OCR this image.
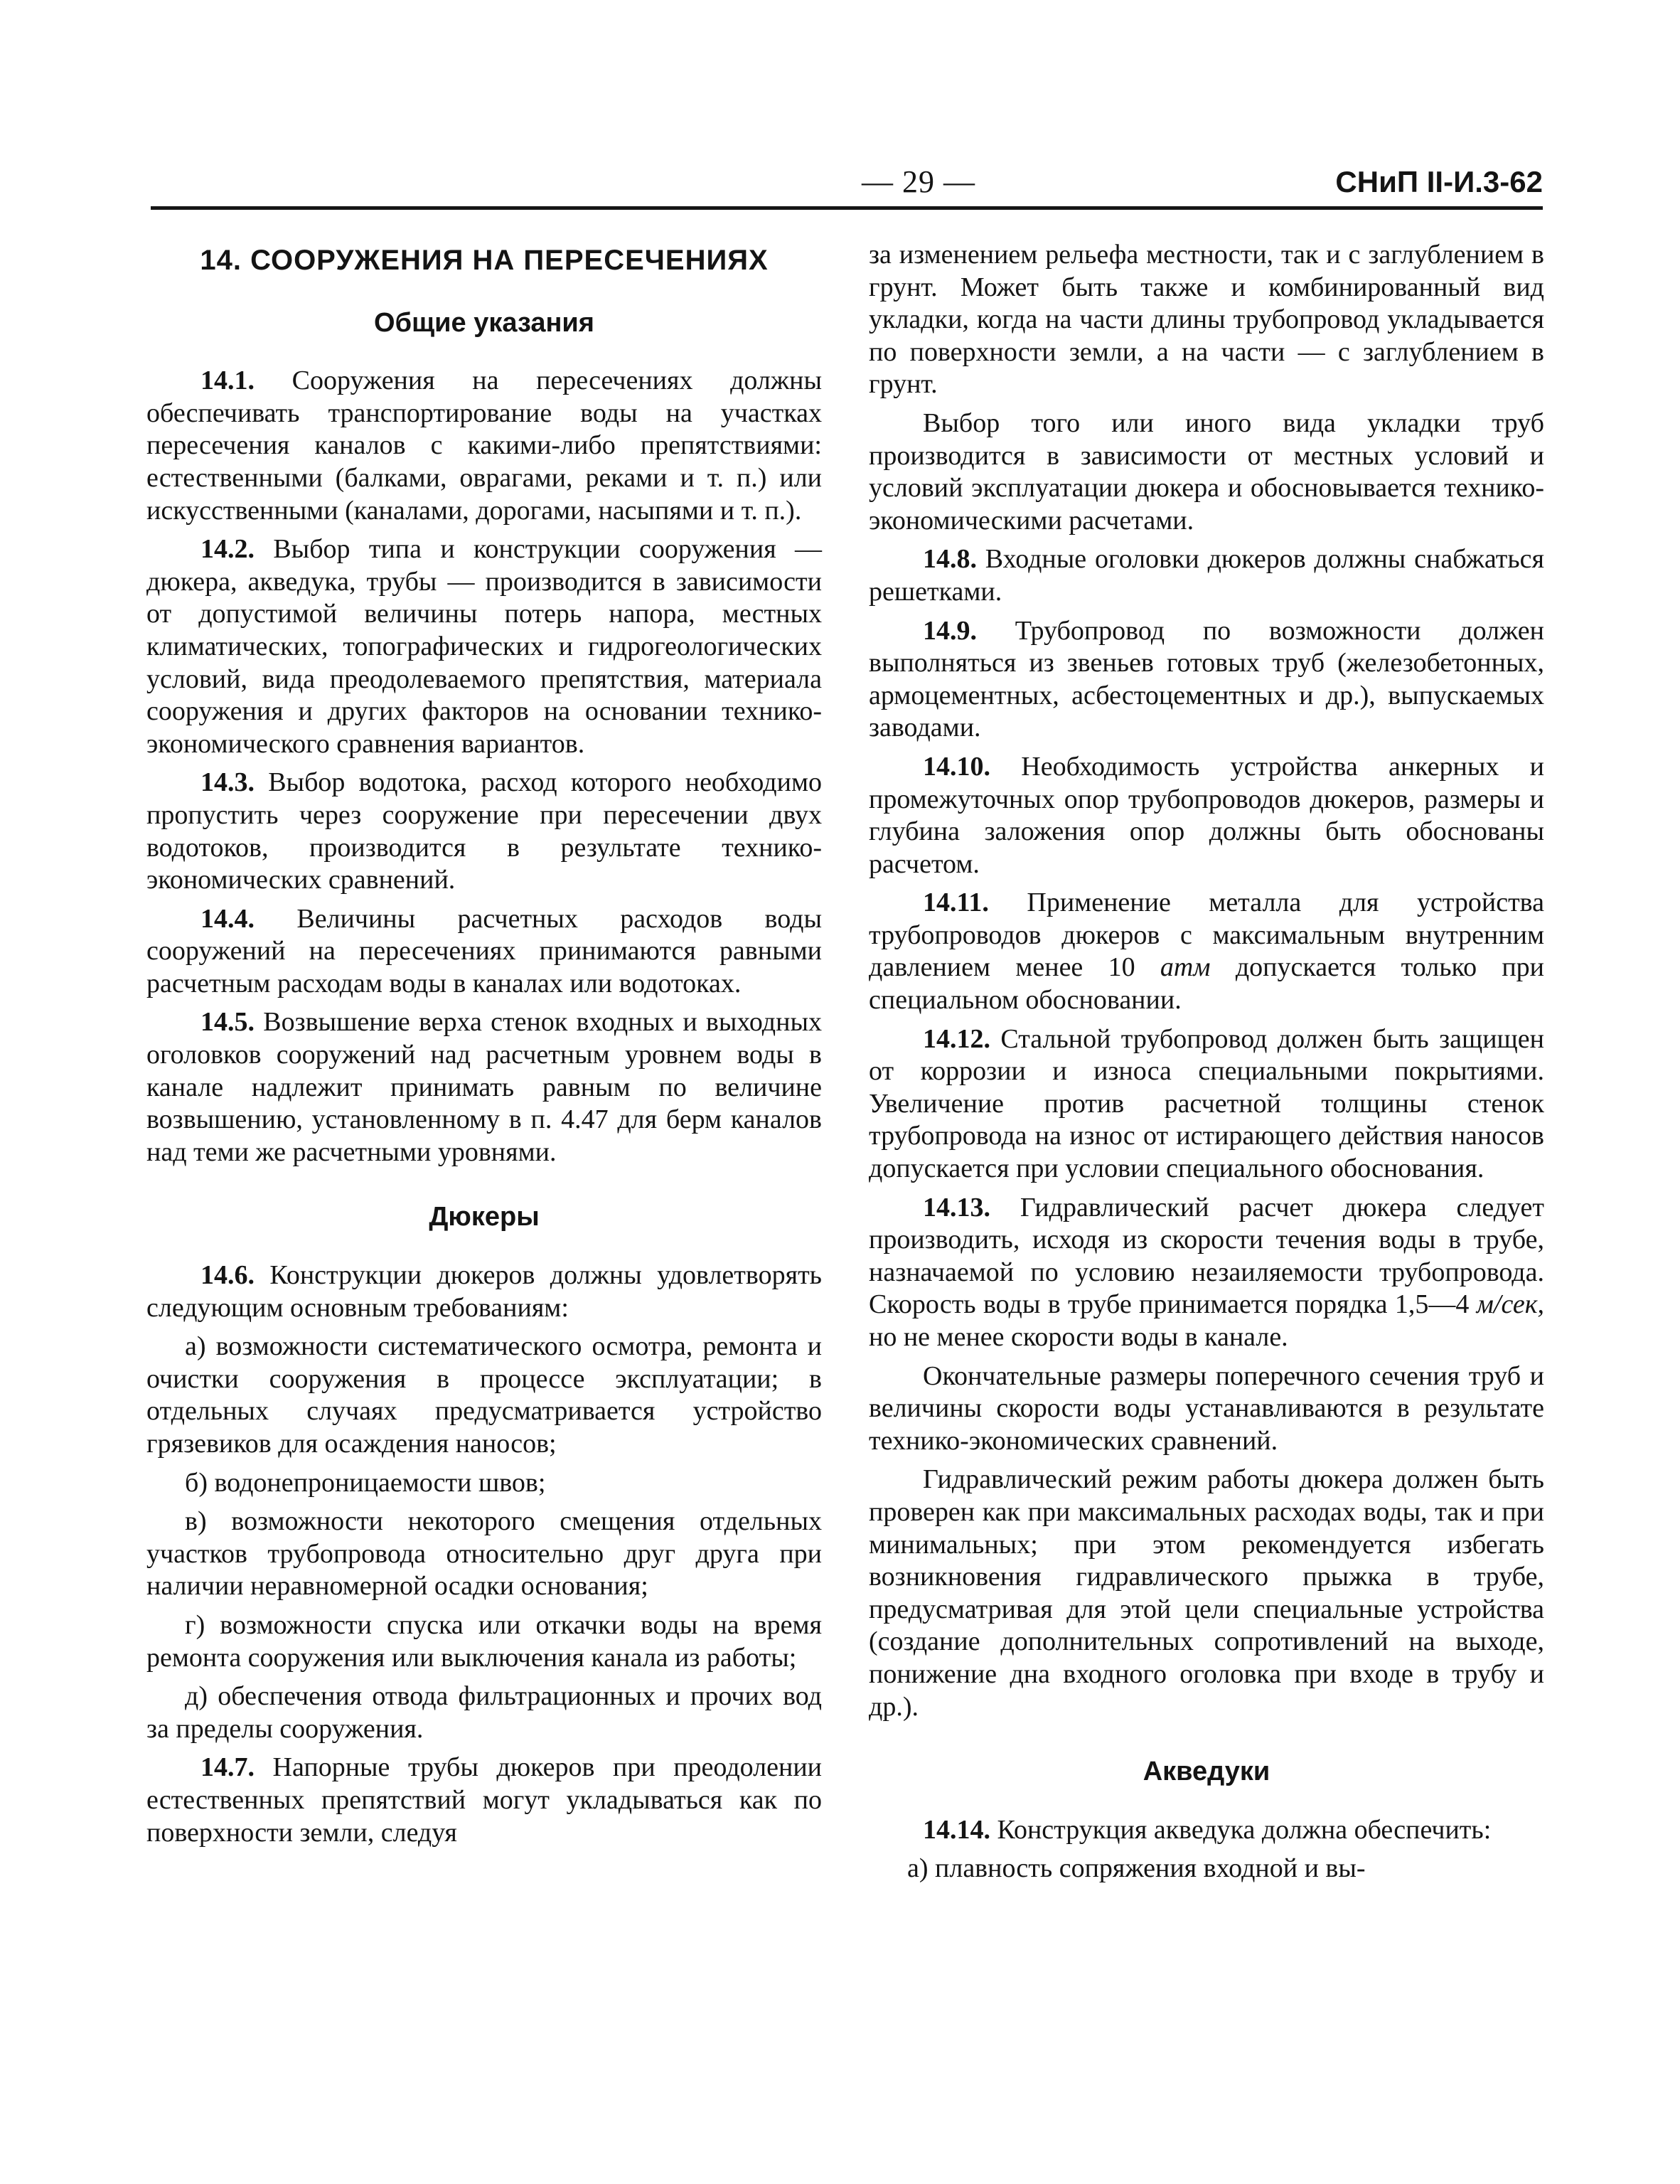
— 29 —	СНиП II-И.3-62

14. СООРУЖЕНИЯ НА ПЕРЕСЕЧЕНИЯХ

Общие указания

14.1. Сооружения на пересечениях должны обеспечивать транспортирование воды на участках пересечения каналов с какими-либо препятствиями: естественными (балками, оврагами, реками и т. п.) или искусственными (каналами, дорогами, насыпями и т. п.).

14.2. Выбор типа и конструкции сооружения — дюкера, акведука, трубы — производится в зависимости от допустимой величины потерь напора, местных климатических, топографических и гидрогеологических условий, вида преодолеваемого препятствия, материала сооружения и других факторов на основании технико-экономического сравнения вариантов.

14.3. Выбор водотока, расход которого необходимо пропустить через сооружение при пересечении двух водотоков, производится в результате технико-экономических сравнений.

14.4. Величины расчетных расходов воды сооружений на пересечениях принимаются равными расчетным расходам воды в каналах или водотоках.

14.5. Возвышение верха стенок входных и выходных оголовков сооружений над расчетным уровнем воды в канале надлежит принимать равным по величине возвышению, установленному в п. 4.47 для берм каналов над теми же расчетными уровнями.

Дюкеры

14.6. Конструкции дюкеров должны удовлетворять следующим основным требованиям:

а) возможности систематического осмотра, ремонта и очистки сооружения в процессе эксплуатации; в отдельных случаях предусматривается устройство грязевиков для осаждения наносов;

б) водонепроницаемости швов;

в) возможности некоторого смещения отдельных участков трубопровода относительно друг друга при наличии неравномерной осадки основания;

г) возможности спуска или откачки воды на время ремонта сооружения или выключения канала из работы;

д) обеспечения отвода фильтрационных и прочих вод за пределы сооружения.

14.7. Напорные трубы дюкеров при преодолении естественных препятствий могут укладываться как по поверхности земли, следуя

за изменением рельефа местности, так и с заглублением в грунт. Может быть также и комбинированный вид укладки, когда на части длины трубопровод укладывается по поверхности земли, а на части — с заглублением в грунт.

Выбор того или иного вида укладки труб производится в зависимости от местных условий и условий эксплуатации дюкера и обосновывается технико-экономическими расчетами.

14.8. Входные оголовки дюкеров должны снабжаться решетками.

14.9. Трубопровод по возможности должен выполняться из звеньев готовых труб (железобетонных, армоцементных, асбестоцементных и др.), выпускаемых заводами.

14.10. Необходимость устройства анкерных и промежуточных опор трубопроводов дюкеров, размеры и глубина заложения опор должны быть обоснованы расчетом.

14.11. Применение металла для устройства трубопроводов дюкеров с максимальным внутренним давлением менее 10 атм допускается только при специальном обосновании.

14.12. Стальной трубопровод должен быть защищен от коррозии и износа специальными покрытиями. Увеличение против расчетной толщины стенок трубопровода на износ от истирающего действия наносов допускается при условии специального обоснования.

14.13. Гидравлический расчет дюкера следует производить, исходя из скорости течения воды в трубе, назначаемой по условию незаиляемости трубопровода. Скорость воды в трубе принимается порядка 1,5—4 м/сек, но не менее скорости воды в канале.

Окончательные размеры поперечного сечения труб и величины скорости воды устанавливаются в результате технико-экономических сравнений.

Гидравлический режим работы дюкера должен быть проверен как при максимальных расходах воды, так и при минимальных; при этом рекомендуется избегать возникновения гидравлического прыжка в трубе, предусматривая для этой цели специальные устройства (создание дополнительных сопротивлений на выходе, понижение дна входного оголовка при входе в трубу и др.).

Акведуки

14.14. Конструкция акведука должна обеспечить:

а) плавность сопряжения входной и вы-
